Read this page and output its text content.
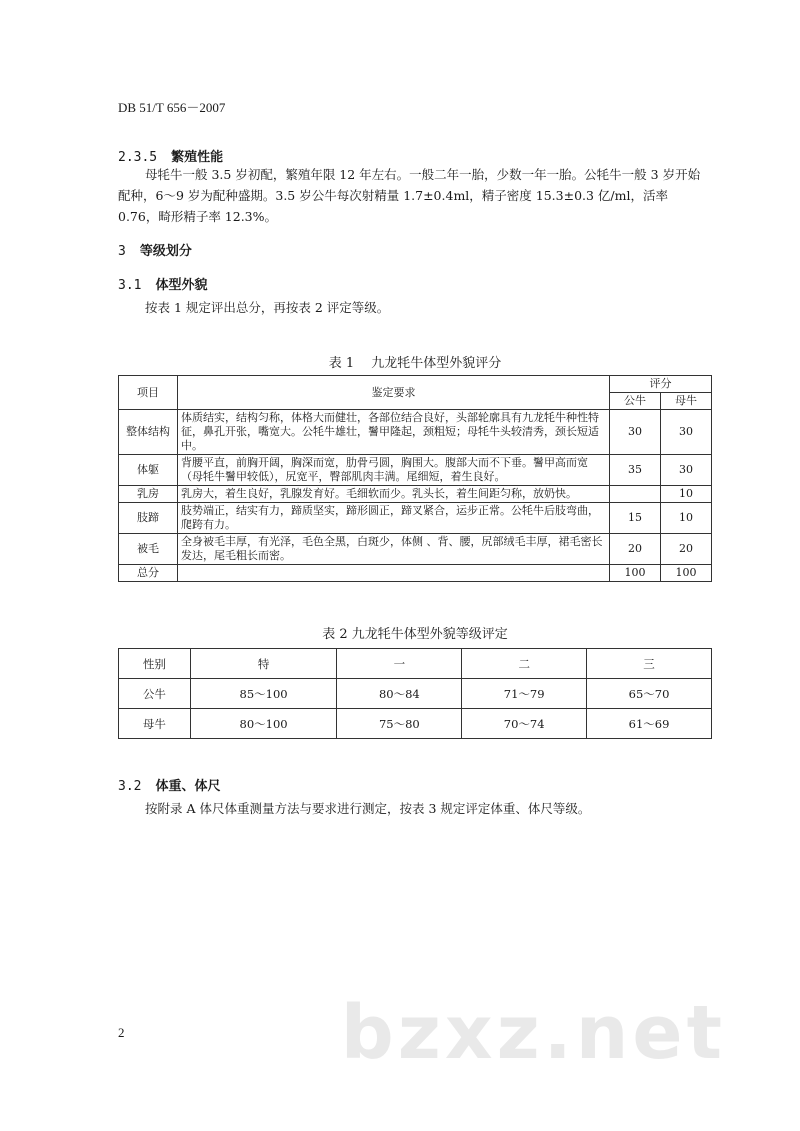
DB 51/T 656－2007
2.3.5 繁殖性能
母牦牛一般 3.5 岁初配，繁殖年限 12 年左右。一般二年一胎，少数一年一胎。公牦牛一般 3 岁开始配种，6～9 岁为配种盛期。3.5 岁公牛每次射精量 1.7±0.4ml，精子密度 15.3±0.3 亿/ml，活率 0.76，畸形精子率 12.3%。
3 等级划分
3.1 体型外貌
按表 1 规定评出总分，再按表 2 评定等级。
表 1　 九龙牦牛体型外貌评分
项目	鉴定要求	评分	
		公牛	母牛
整体结构	体质结实，结构匀称，体格大而健壮，各部位结合良好，头部轮廓具有九龙牦牛种性特征，鼻孔开张，嘴宽大。公牦牛雄壮，鬐甲隆起，颈粗短；母牦牛头较清秀，颈长短适中。	30	30
体躯	背腰平直，前胸开阔，胸深而宽，肋骨弓圆，胸围大。腹部大而不下垂。鬐甲高而宽（母牦牛鬐甲较低），尻宽平，臀部肌肉丰满。尾细短，着生良好。	35	30
乳房	乳房大，着生良好，乳腺发育好。毛细软而少。乳头长，着生间距匀称，放奶快。		10
肢蹄	肢势端正，结实有力，蹄质坚实，蹄形圆正，蹄叉紧合，运步正常。公牦牛后肢弯曲，爬跨有力。	15	10
被毛	全身被毛丰厚，有光泽，毛色全黑，白斑少，体侧 、背、腰，尻部绒毛丰厚，裙毛密长发达，尾毛粗长而密。	20	20
总分		100	100
表 2 九龙牦牛体型外貌等级评定
性别	特	一	二	三
公牛	85～100	80～84	71～79	65～70
母牛	80～100	75～80	70～74	61～69
3.2 体重、体尺
按附录 A 体尺体重测量方法与要求进行测定，按表 3 规定评定体重、体尺等级。
2	bzxz.net
